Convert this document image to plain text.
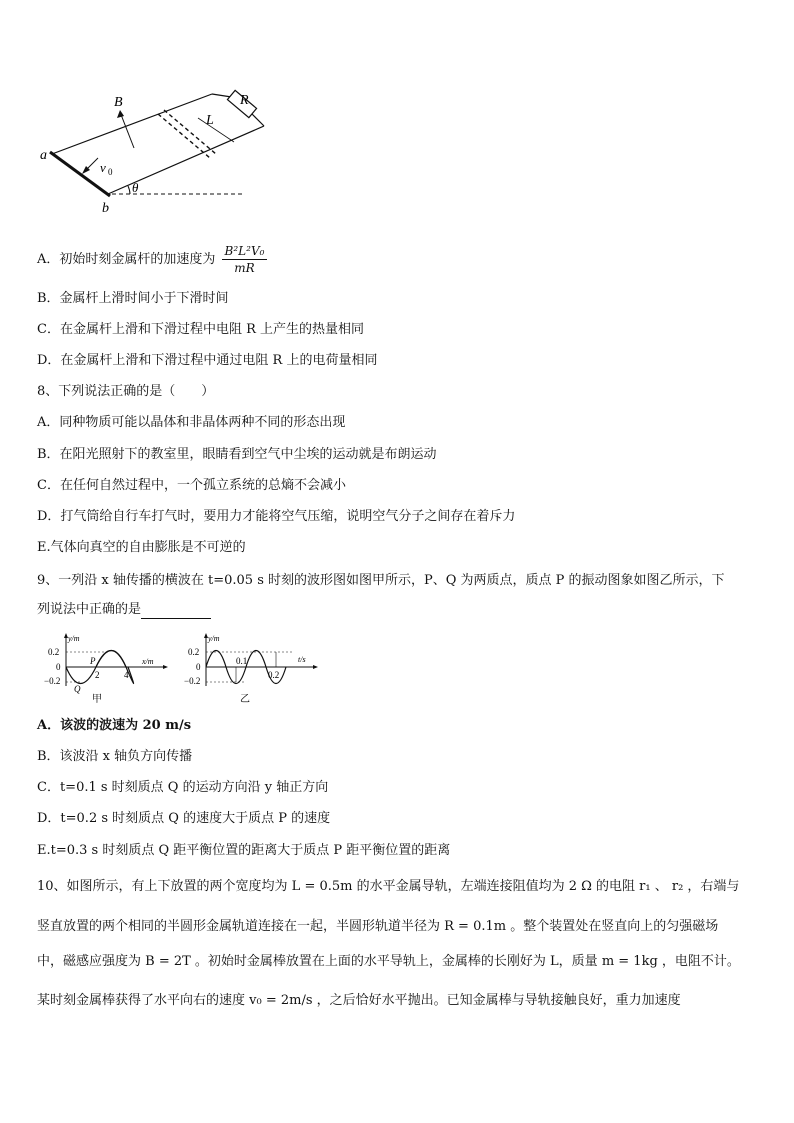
B	R
L
a
b
v 0
θ
A．初始时刻金属杆的加速度为 $\frac{\text{B²L²V₀}}{mR}$
B．金属杆上滑时间小于下滑时间
C．在金属杆上滑和下滑过程中电阻 R 上产生的热量相同
D．在金属杆上滑和下滑过程中通过电阻 R 上的电荷量相同
8、下列说法正确的是（　　）
A．同种物质可能以晶体和非晶体两种不同的形态出现
B．在阳光照射下的教室里，眼睛看到空气中尘埃的运动就是布朗运动
C．在任何自然过程中，一个孤立系统的总熵不会减小
D．打气筒给自行车打气时，要用力才能将空气压缩，说明空气分子之间存在着斥力
E.气体向真空的自由膨胀是不可逆的
9、一列沿 x 轴传播的横波在 t=0.05 s 时刻的波形图如图甲所示，P、Q 为两质点，质点 P 的振动图象如图乙所示，下
列说法中正确的是
y/m
x/m
0.2
0
−0.2
2	4
P
Q
甲
y/m
t/s
0.2
0
−0.2
0.1
0.2
乙
A．该波的波速为 20 m/s
B．该波沿 x 轴负方向传播
C．t=0.1 s 时刻质点 Q 的运动方向沿 y 轴正方向
D．t=0.2 s 时刻质点 Q 的速度大于质点 P 的速度
E.t=0.3 s 时刻质点 Q 距平衡位置的距离大于质点 P 距平衡位置的距离
10、如图所示，有上下放置的两个宽度均为 L = 0.5m 的水平金属导轨，左端连接阻值均为 2 Ω 的电阻 r₁ 、 r₂ ，右端与
竖直放置的两个相同的半圆形金属轨道连接在一起，半圆形轨道半径为 R = 0.1m 。整个装置处在竖直向上的匀强磁场
中，磁感应强度为 B = 2T 。初始时金属棒放置在上面的水平导轨上，金属棒的长刚好为 L，质量 m = 1kg ，电阻不计。
某时刻金属棒获得了水平向右的速度 v₀ = 2m/s ，之后恰好水平抛出。已知金属棒与导轨接触良好，重力加速度
